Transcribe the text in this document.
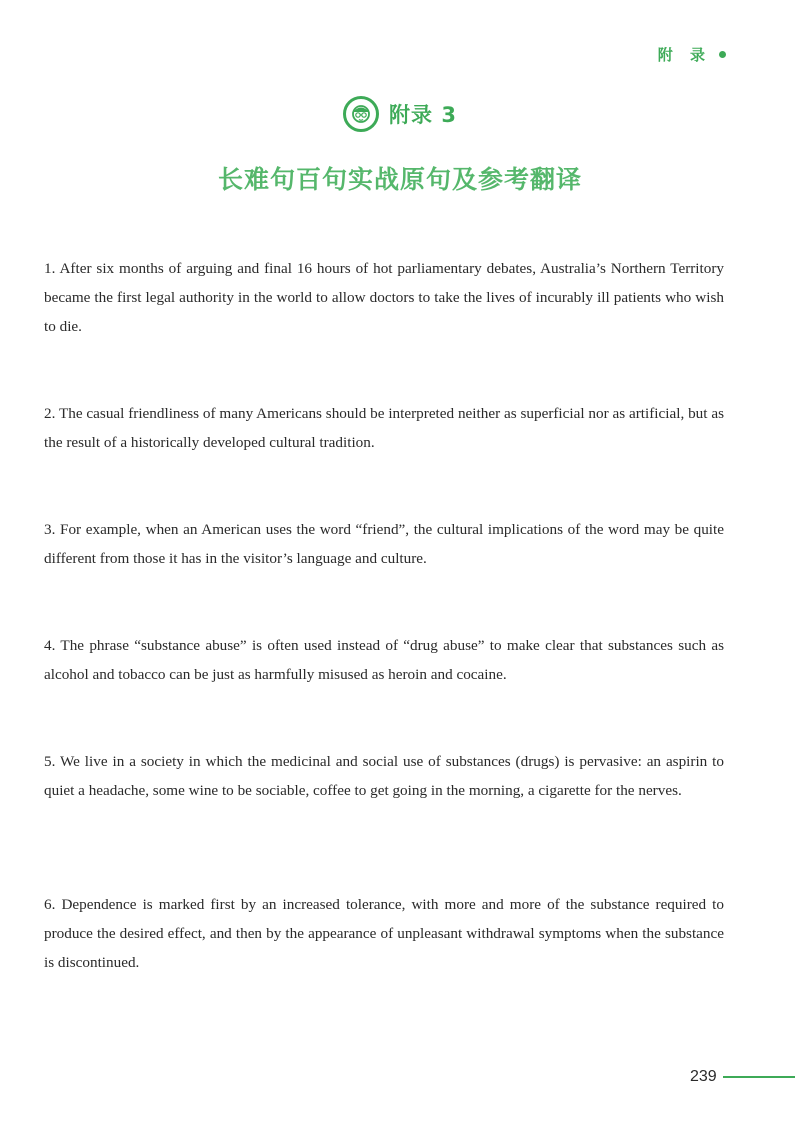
附 录
附录 3
长难句百句实战原句及参考翻译

1. After six months of arguing and final 16 hours of hot parliamentary debates, Australia’s Northern Territory became the first legal authority in the world to allow doctors to take the lives of incurably ill patients who wish to die.

2. The casual friendliness of many Americans should be interpreted neither as superficial nor as artificial, but as the result of a historically developed cultural tradition.

3. For example, when an American uses the word “friend”, the cultural implications of the word may be quite different from those it has in the visitor’s language and culture.

4. The phrase “substance abuse” is often used instead of “drug abuse” to make clear that substances such as alcohol and tobacco can be just as harmfully misused as heroin and cocaine.

5. We live in a society in which the medicinal and social use of substances (drugs) is pervasive: an aspirin to quiet a headache, some wine to be sociable, coffee to get going in the morning, a cigarette for the nerves.

6. Dependence is marked first by an increased tolerance, with more and more of the substance required to produce the desired effect, and then by the appearance of unpleasant withdrawal symptoms when the substance is discontinued.

239
